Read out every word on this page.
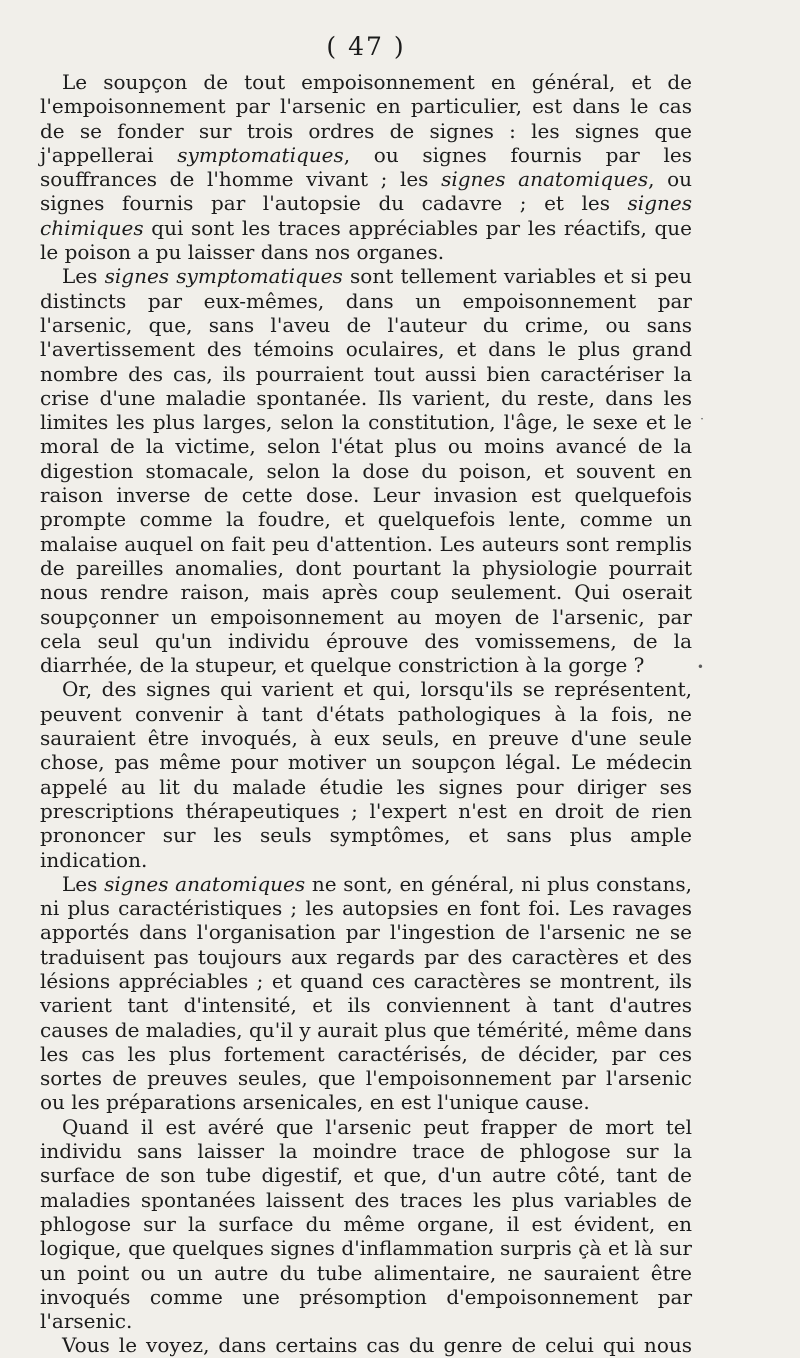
( 47 )

Le soupçon de tout empoisonnement en général, et de l'empoisonnement par l'arsenic en particulier, est dans le cas de se fonder sur trois ordres de signes : les signes que j'appellerai symptomatiques, ou signes fournis par les souffrances de l'homme vivant ; les signes anatomiques, ou signes fournis par l'autopsie du cadavre ; et les signes chimiques qui sont les traces appréciables par les réactifs, que le poison a pu laisser dans nos organes.

Les signes symptomatiques sont tellement variables et si peu distincts par eux-mêmes, dans un empoisonnement par l'arsenic, que, sans l'aveu de l'auteur du crime, ou sans l'avertissement des témoins oculaires, et dans le plus grand nombre des cas, ils pourraient tout aussi bien caractériser la crise d'une maladie spontanée. Ils varient, du reste, dans les limites les plus larges, selon la constitution, l'âge, le sexe et le moral de la victime, selon l'état plus ou moins avancé de la digestion stomacale, selon la dose du poison, et souvent en raison inverse de cette dose. Leur invasion est quelquefois prompte comme la foudre, et quelquefois lente, comme un malaise auquel on fait peu d'attention. Les auteurs sont remplis de pareilles anomalies, dont pourtant la physiologie pourrait nous rendre raison, mais après coup seulement. Qui oserait soupçonner un empoisonnement au moyen de l'arsenic, par cela seul qu'un individu éprouve des vomissemens, de la diarrhée, de la stupeur, et quelque constriction à la gorge ?

Or, des signes qui varient et qui, lorsqu'ils se représentent, peuvent convenir à tant d'états pathologiques à la fois, ne sauraient être invoqués, à eux seuls, en preuve d'une seule chose, pas même pour motiver un soupçon légal. Le médecin appelé au lit du malade étudie les signes pour diriger ses prescriptions thérapeutiques ; l'expert n'est en droit de rien prononcer sur les seuls symptômes, et sans plus ample indication.

Les signes anatomiques ne sont, en général, ni plus constans, ni plus caractéristiques ; les autopsies en font foi. Les ravages apportés dans l'organisation par l'ingestion de l'arsenic ne se traduisent pas toujours aux regards par des caractères et des lésions appréciables ; et quand ces caractères se montrent, ils varient tant d'intensité, et ils conviennent à tant d'autres causes de maladies, qu'il y aurait plus que témérité, même dans les cas les plus fortement caractérisés, de décider, par ces sortes de preuves seules, que l'empoisonnement par l'arsenic ou les préparations arsenicales, en est l'unique cause.

Quand il est avéré que l'arsenic peut frapper de mort tel individu sans laisser la moindre trace de phlogose sur la surface de son tube digestif, et que, d'un autre côté, tant de maladies spontanées laissent des traces les plus variables de phlogose sur la surface du même organe, il est évident, en logique, que quelques signes d'inflammation surpris çà et là sur un point ou un autre du tube alimentaire, ne sauraient être invoqués comme une présomption d'empoisonnement par l'arsenic.

Vous le voyez, dans certains cas du genre de celui qui nous

·
•
